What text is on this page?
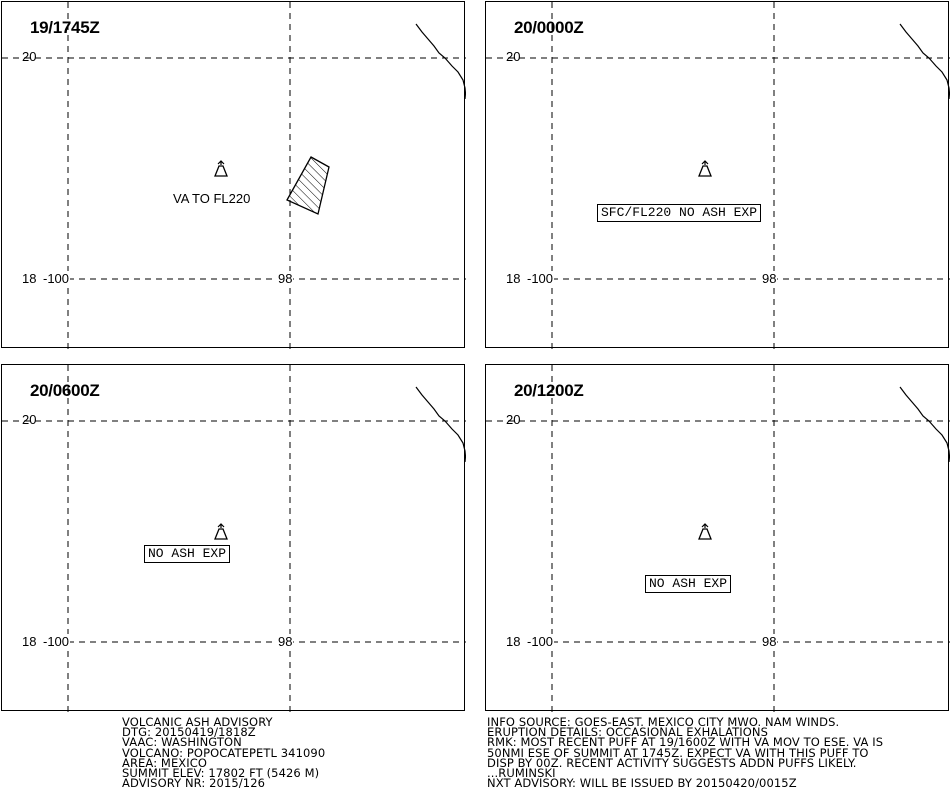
19/1745Z
20
18 -100	98
VA TO FL220
20/0000Z
20
18 -100	98
SFC/FL220 NO ASH EXP
20/0600Z
20
18 -100	98
NO ASH EXP
20/1200Z
20
18 -100	98
NO ASH EXP
VOLCANIC ASH ADVISORY
DTG: 20150419/1818Z
VAAC: WASHINGTON
VOLCANO: POPOCATEPETL 341090
AREA: MEXICO
SUMMIT ELEV: 17802 FT (5426 M)
ADVISORY NR: 2015/126
INFO SOURCE: GOES-EAST. MEXICO CITY MWO. NAM WINDS.
ERUPTION DETAILS: OCCASIONAL EXHALATIONS
RMK: MOST RECENT PUFF AT 19/1600Z WITH VA MOV TO ESE. VA IS
50NMI ESE OF SUMMIT AT 1745Z. EXPECT VA WITH THIS PUFF TO
DISP BY 00Z. RECENT ACTIVITY SUGGESTS ADDN PUFFS LIKELY.
...RUMINSKI
NXT ADVISORY: WILL BE ISSUED BY 20150420/0015Z
